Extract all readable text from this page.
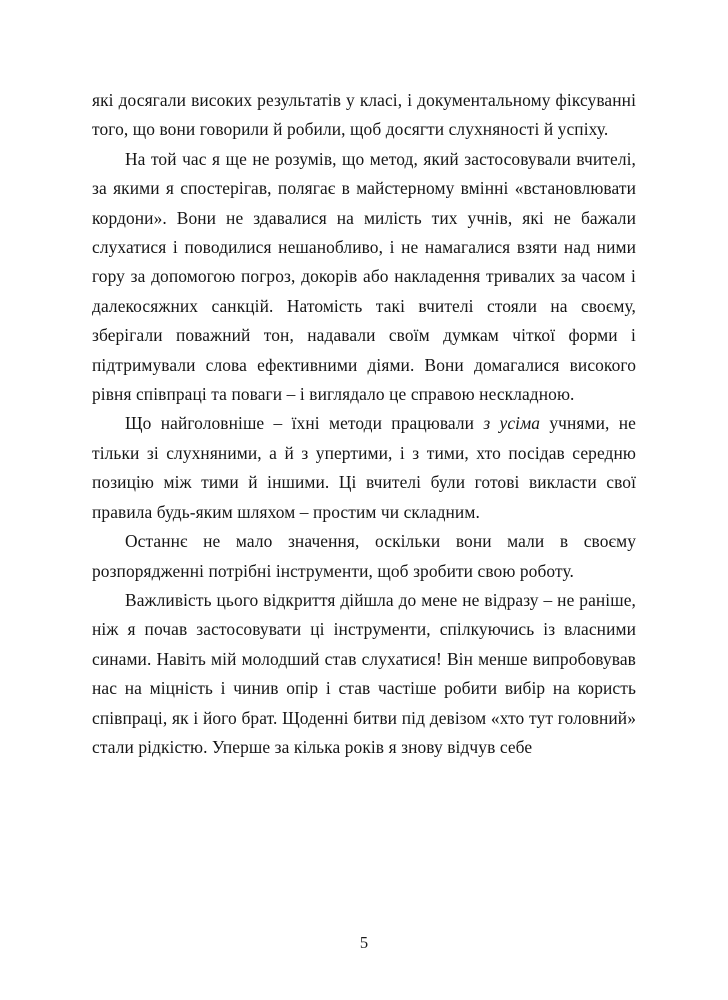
які досягали високих результатів у класі, і документальному фіксуванні того, що вони говорили й робили, щоб досягти слухняності й успіху.

На той час я ще не розумів, що метод, який застосовували вчителі, за якими я спостерігав, полягає в майстерному вмінні «встановлювати кордони». Вони не здавалися на милість тих учнів, які не бажали слухатися і поводилися нешанобливо, і не намагалися взяти над ними гору за допомогою погроз, докорів або накладення тривалих за часом і далекосяжних санкцій. Натомість такі вчителі стояли на своєму, зберігали поважний тон, надавали своїм думкам чіткої форми і підтримували слова ефективними діями. Вони домагалися високого рівня співпраці та поваги – і виглядало це справою нескладною.

Що найголовніше – їхні методи працювали з усіма учнями, не тільки зі слухняними, а й з упертими, і з тими, хто посідав середню позицію між тими й іншими. Ці вчителі були готові викласти свої правила будь-яким шляхом – простим чи складним.

Останнє не мало значення, оскільки вони мали в своєму розпорядженні потрібні інструменти, щоб зробити свою роботу.

Важливість цього відкриття дійшла до мене не відразу – не раніше, ніж я почав застосовувати ці інструменти, спілкуючись із власними синами. Навіть мій молодший став слухатися! Він менше випробовував нас на міцність і чинив опір і став частіше робити вибір на користь співпраці, як і його брат. Щоденні битви під девізом «хто тут головний» стали рідкістю. Уперше за кілька років я знову відчув себе

5
